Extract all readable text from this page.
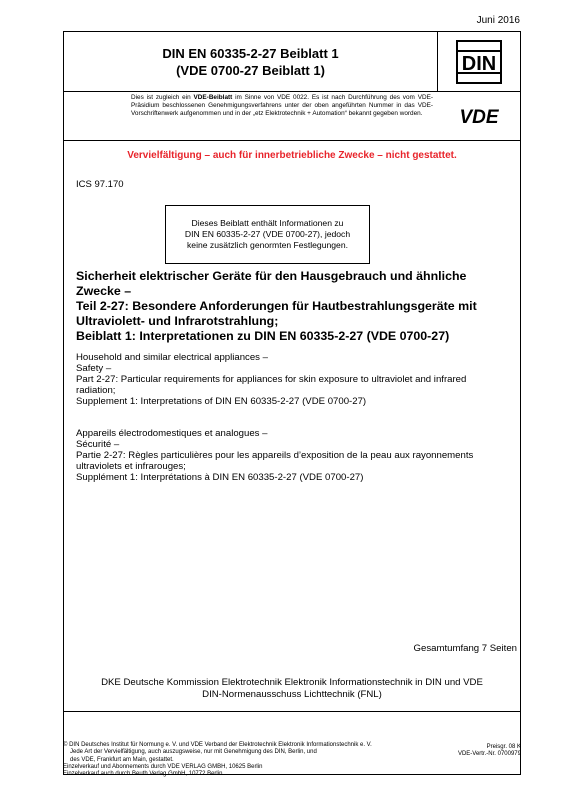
Juni 2016
DIN EN 60335-2-27 Beiblatt 1
(VDE 0700-27 Beiblatt 1)	DIN
Dies ist zugleich ein VDE-Beiblatt im Sinne von VDE 0022. Es ist nach Durchführung des vom VDE-Präsidium beschlossenen Genehmigungsverfahrens unter der oben angeführten Nummer in das VDE-Vorschriftenwerk aufgenommen und in der „etz Elektrotechnik + Automation“ bekannt gegeben worden.	VDE
Vervielfältigung – auch für innerbetriebliche Zwecke – nicht gestattet.
ICS 97.170
Dieses Beiblatt enthält Informationen zu
DIN EN 60335-2-27 (VDE 0700-27), jedoch
keine zusätzlich genormten Festlegungen.
Sicherheit elektrischer Geräte für den Hausgebrauch und ähnliche
Zwecke –
Teil 2-27: Besondere Anforderungen für Hautbestrahlungsgeräte mit
Ultraviolett- und Infrarotstrahlung;
Beiblatt 1: Interpretationen zu DIN EN 60335-2-27 (VDE 0700-27)
Household and similar electrical appliances –
Safety –
Part 2-27: Particular requirements for appliances for skin exposure to ultraviolet and infrared
radiation;
Supplement 1: Interpretations of DIN EN 60335-2-27 (VDE 0700-27)
Appareils électrodomestiques et analogues –
Sécurité –
Partie 2-27: Règles particulières pour les appareils d’exposition de la peau aux rayonnements
ultraviolets et infrarouges;
Supplément 1: Interprétations à DIN EN 60335-2-27 (VDE 0700-27)
Gesamtumfang 7 Seiten
DKE Deutsche Kommission Elektrotechnik Elektronik Informationstechnik in DIN und VDE
DIN-Normenausschuss Lichttechnik (FNL)
© DIN Deutsches Institut für Normung e. V. und VDE Verband der Elektrotechnik Elektronik Informationstechnik e. V.
Jede Art der Vervielfältigung, auch auszugsweise, nur mit Genehmigung des DIN, Berlin, und
des VDE, Frankfurt am Main, gestattet.
Einzelverkauf und Abonnements durch VDE VERLAG GMBH, 10625 Berlin
Einzelverkauf auch durch Beuth Verlag GmbH, 10772 Berlin
Preisgr. 08 K
VDE-Vertr.-Nr. 0700979
